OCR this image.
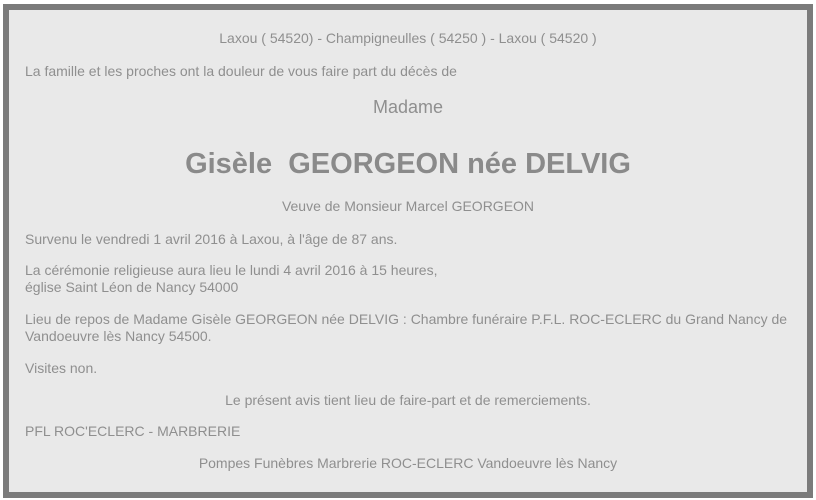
Laxou ( 54520) - Champigneulles ( 54250 ) - Laxou ( 54520 )

La famille et les proches ont la douleur de vous faire part du décès de

Madame

Gisèle  GEORGEON née DELVIG

Veuve de Monsieur Marcel GEORGEON

Survenu le vendredi 1 avril 2016 à Laxou, à l'âge de 87 ans.

La cérémonie religieuse aura lieu le lundi 4 avril 2016 à 15 heures,
église Saint Léon de Nancy 54000

Lieu de repos de Madame Gisèle GEORGEON née DELVIG : Chambre funéraire P.F.L. ROC-ECLERC du Grand Nancy de Vandoeuvre lès Nancy 54500.

Visites non.

Le présent avis tient lieu de faire-part et de remerciements.

PFL ROC'ECLERC - MARBRERIE

Pompes Funèbres Marbrerie ROC-ECLERC Vandoeuvre lès Nancy
